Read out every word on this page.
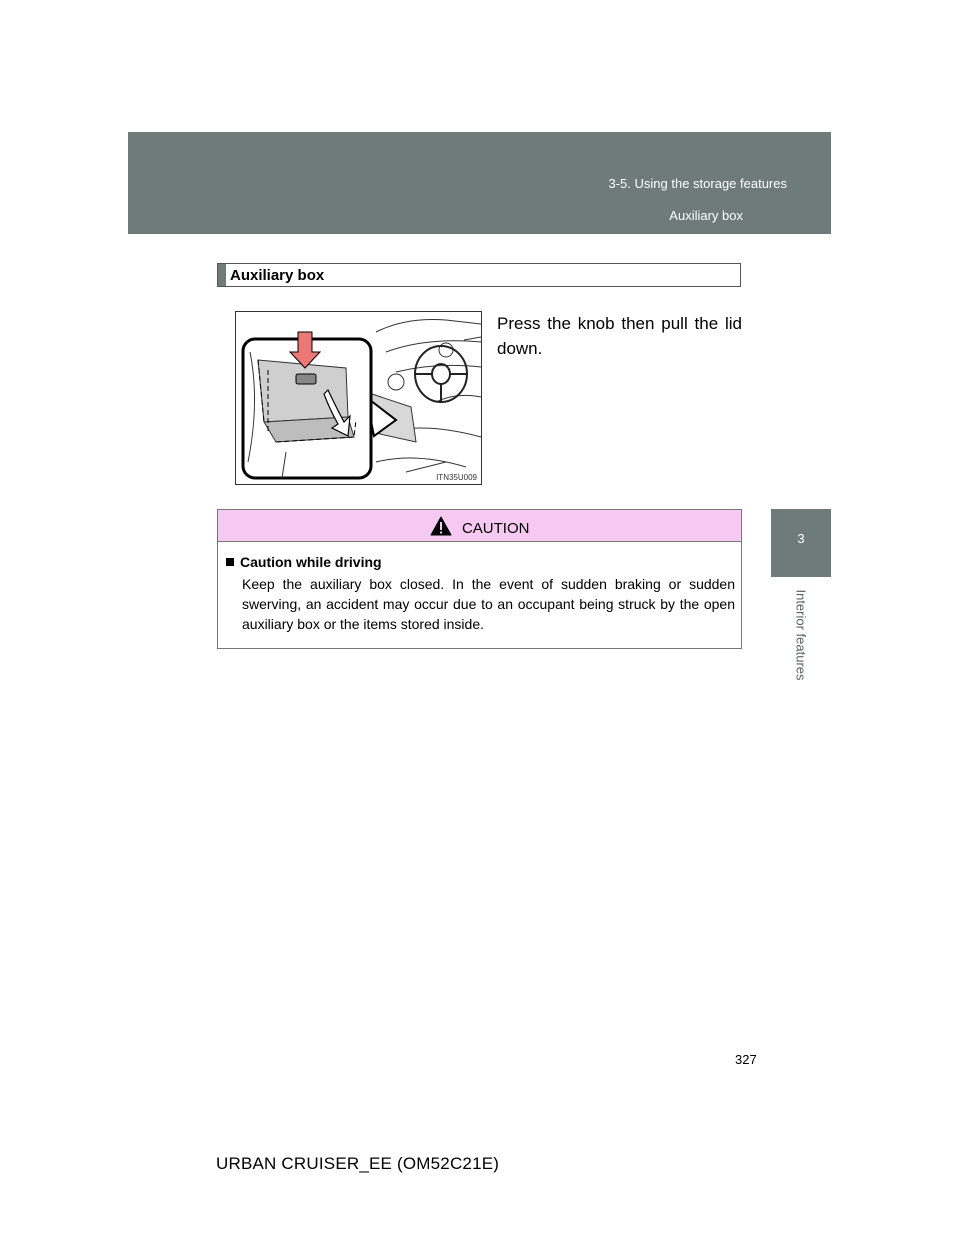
3-5. Using the storage features
Auxiliary box
3
Interior features
Auxiliary box
ITN35U009
Press the knob then pull the lid down.
CAUTION
Caution while driving
Keep the auxiliary box closed. In the event of sudden braking or sudden swerving, an accident may occur due to an occupant being struck by the open auxiliary box or the items stored inside.
327
URBAN CRUISER_EE (OM52C21E)
